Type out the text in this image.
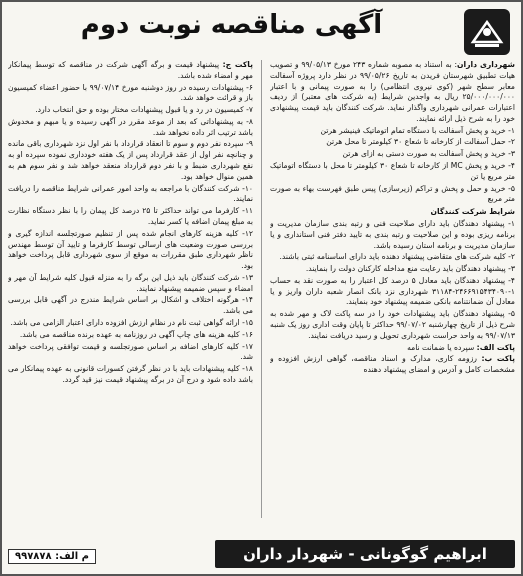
آگهی مناقصه نوبت دوم

شهرداری داران: به استناد به مصوبه شماره ۲۴۳ مورخ ۹۹/۰۵/۱۳ و تصویب هیات تطبیق شهرستان فریدن به تاریخ ۹۹/۰۵/۲۶ در نظر دارد پروژه آسفالت معابر سطح شهر (کوی نیروی انتظامی) را به صورت پیمانی و با اعتبار ۲۵/۰۰۰/۰۰۰/۰۰۰ ریال به واجدین شرایط (به شرکت های معتبر) از ردیف اعتبارات عمرانی شهرداری واگذار نماید. شرکت کنندگان باید قیمت پیشنهادی خود را به شرح ذیل ارائه نمایند.

۱- خرید و پخش آسفالت با دستگاه تمام اتوماتیک فینیشر هرتن

۲- حمل آسفالت از کارخانه تا شعاع ۳۰ کیلومتر تا محل هرتن

۳- خرید و پخش آسفالت به صورت دستی به ازای هرتن

۴- خرید و پخش MC از کارخانه تا شعاع ۳۰ کیلومتر تا محل با دستگاه اتوماتیک متر مربع یا تن

۵- خرید و حمل و پخش و تراکم (زیرسازی) پیس طبق فهرست بهاء به صورت متر مربع

شرایط شرکت کنندگان

۱- پیشنهاد دهندگان باید دارای صلاحیت فنی و رتبه بندی سازمان مدیریت و برنامه ریزی بوده و این صلاحیت و رتبه بندی به تایید دفتر فنی استانداری و یا سازمان مدیریت و برنامه استان رسیده باشد.

۲- کلیه شرکت های متقاضی پیشنهاد دهنده باید دارای اساسنامه ثبتی باشند.

۳- پیشنهاد دهندگان باید رعایت منع مداخله کارکنان دولت را بنمایند.

۴- پیشنهاد دهندگان باید معادل ۵ درصد کل اعتبار را به صورت نقد به حساب ۱-۲۴۶۶۹۱۵۴۳۴۰۹۰-۳۱۱۸۴ شهرداری نزد بانک انصار شعبه داران واریز و یا معادل آن ضمانتنامه بانکی ضمیمه پیشنهاد خود بنمایند.

۵- پیشنهاد دهندگان باید پیشنهادات خود را در سه پاکت لاک و مهر شده به شرح ذیل از تاریخ چهارشنبه ۹۹/۰۷/۰۲ حداکثر تا پایان وقت اداری روز یک شنبه ۹۹/۰۷/۱۳ به واحد حراست شهرداری تحویل و رسید دریافت نمایند.

پاکت الف: سپرده یا ضمانت نامه

پاکت ب: رزومه کاری، مدارک و اسناد مناقصه، گواهی ارزش افزوده و مشخصات کامل و آدرس و امضای پیشنهاد دهنده

پاکت ج: پیشنهاد قیمت و برگه آگهی شرکت در مناقصه که توسط پیمانکار مهر و امضاء شده باشد.

۶- پیشنهادات رسیده در روز دوشنبه مورخ ۹۹/۰۷/۱۴ با حضور اعضاء کمیسیون باز و قرائت خواهد شد.

۷- کمیسیون در رد و یا قبول پیشنهادات مختار بوده و حق انتخاب دارد.

۸- به پیشنهاداتی که بعد از موعد مقرر در آگهی رسیده و یا مبهم و مخدوش باشد ترتیب اثر داده نخواهد شد.

۹- سپرده نفر دوم و سوم تا انعقاد قرارداد با نفر اول نزد شهرداری باقی مانده و چنانچه نفر اول از عقد قرارداد پس از یک هفته خودداری نموده سپرده او به نفع شهرداری ضبط و با نفر دوم قرارداد منعقد خواهد شد و نفر سوم هم به همین منوال خواهد بود.

۱۰- شرکت کنندگان با مراجعه به واحد امور عمرانی شرایط مناقصه را دریافت نمایند.

۱۱- کارفرما می تواند حداکثر تا ۲۵ درصد کل پیمان را با نظر دستگاه نظارت به مبلغ پیمان اضافه یا کسر نماید.

۱۲- کلیه هزینه کارهای انجام شده پس از تنظیم صورتجلسه اندازه گیری و بررسی صورت وضعیت های ارسالی توسط کارفرما و تایید آن توسط مهندس ناظر شهرداری طبق مقررات به موقع از سوی شهرداری قابل پرداخت خواهد بود.

۱۳- شرکت کنندگان باید ذیل این برگه را به منزله قبول کلیه شرایط آن مهر و امضاء و سپس ضمیمه پیشنهاد نمایند.

۱۴- هرگونه اختلاف و اشکال بر اساس شرایط مندرج در آگهی قابل بررسی می باشد.

۱۵- ارائه گواهی ثبت نام در نظام ارزش افزوده دارای اعتبار الزامی می باشد.

۱۶- کلیه هزینه های چاپ آگهی در روزنامه به عهده برنده مناقصه می باشد.

۱۷- کلیه کارهای اضافه بر اساس صورتجلسه و قیمت توافقی پرداخت خواهد شد.

۱۸- کلیه پیشنهادات باید با در نظر گرفتن کسورات قانونی به عهده پیمانکار می باشد داده شود و درج آن در برگه پیشنهاد قیمت نیز قید گردد.

ابراهیم گوگونانی - شهردار داران
م الف: ۹۹۷۸۷۸
